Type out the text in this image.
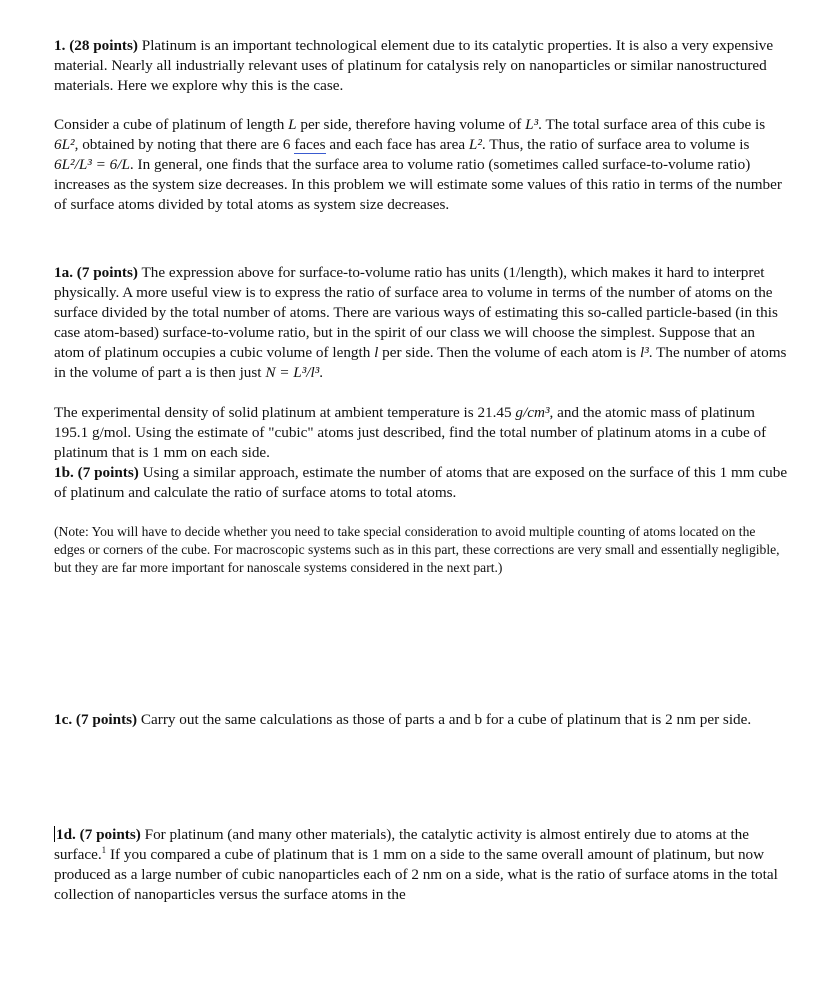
1. (28 points) Platinum is an important technological element due to its catalytic properties. It is also a very expensive material. Nearly all industrially relevant uses of platinum for catalysis rely on nanoparticles or similar nanostructured materials. Here we explore why this is the case.

Consider a cube of platinum of length L per side, therefore having volume of L³. The total surface area of this cube is 6L², obtained by noting that there are 6 faces and each face has area L². Thus, the ratio of surface area to volume is 6L²/L³ = 6/L. In general, one finds that the surface area to volume ratio (sometimes called surface-to-volume ratio) increases as the system size decreases. In this problem we will estimate some values of this ratio in terms of the number of surface atoms divided by total atoms as system size decreases.

1a. (7 points) The expression above for surface-to-volume ratio has units (1/length), which makes it hard to interpret physically. A more useful view is to express the ratio of surface area to volume in terms of the number of atoms on the surface divided by the total number of atoms. There are various ways of estimating this so-called particle-based (in this case atom-based) surface-to-volume ratio, but in the spirit of our class we will choose the simplest. Suppose that an atom of platinum occupies a cubic volume of length l per side. Then the volume of each atom is l³. The number of atoms in the volume of part a is then just N = L³/l³.

The experimental density of solid platinum at ambient temperature is 21.45 g/cm³, and the atomic mass of platinum 195.1 g/mol. Using the estimate of "cubic" atoms just described, find the total number of platinum atoms in a cube of platinum that is 1 mm on each side.

1b. (7 points) Using a similar approach, estimate the number of atoms that are exposed on the surface of this 1 mm cube of platinum and calculate the ratio of surface atoms to total atoms.

(Note: You will have to decide whether you need to take special consideration to avoid multiple counting of atoms located on the edges or corners of the cube. For macroscopic systems such as in this part, these corrections are very small and essentially negligible, but they are far more important for nanoscale systems considered in the next part.)

1c. (7 points) Carry out the same calculations as those of parts a and b for a cube of platinum that is 2 nm per side.

1d. (7 points) For platinum (and many other materials), the catalytic activity is almost entirely due to atoms at the surface.$^1$ If you compared a cube of platinum that is 1 mm on a side to the same overall amount of platinum, but now produced as a large number of cubic nanoparticles each of 2 nm on a side, what is the ratio of surface atoms in the total collection of nanoparticles versus the surface atoms in the
